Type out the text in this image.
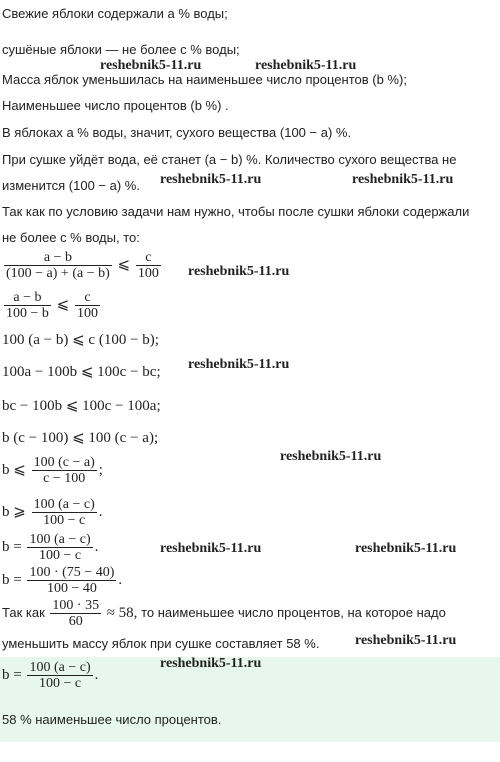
Свежие яблоки содержали a % воды;
сушёные яблоки — не более c % воды;
Масса яблок уменьшилась на наименьшее число процентов (b %);
Наименьшее число процентов (b %) .
В яблоках a % воды, значит, сухого вещества (100 − a) %.
При сушке уйдёт вода, её станет (a − b) %. Количество сухого вещества не
изменится (100 − a) %.
Так как по условию задачи нам нужно, чтобы после сушки яблоки содержали
не более c % воды, то:
$\frac{a - b}{(100 - a) + (a - b)}$ ⩽ $\frac{c}{100}$
$\frac{a - b}{100 - b}$ ⩽ $\frac{c}{100}$
100 (a − b) ⩽ c (100 − b);
100a − 100b ⩽ 100c − bc;
bc − 100b ⩽ 100c − 100a;
b (c − 100) ⩽ 100 (c − a);
b ⩽ $\frac{100 (c - a)}{c - 100}$ ;
b ⩾ $\frac{100 (a - c)}{100 - c}$ .
$b = \frac{100 (a - c)}{100 - c}$ .
$b = \frac{100 \cdot (75 - 40)}{100 - 40}$ .
Так как $\frac{100 \cdot 35}{60} \approx 58$, то наименьшее число процентов, на которое надо
уменьшить массу яблок при сушке составляет 58 %.
$b = \frac{100 (a - c)}{100 - c}$ .
58 % наименьшее число процентов.
reshebnik5-11.ru	reshebnik5-11.ru
reshebnik5-11.ru	reshebnik5-11.ru
reshebnik5-11.ru
reshebnik5-11.ru
reshebnik5-11.ru
reshebnik5-11.ru	reshebnik5-11.ru
reshebnik5-11.ru
reshebnik5-11.ru
